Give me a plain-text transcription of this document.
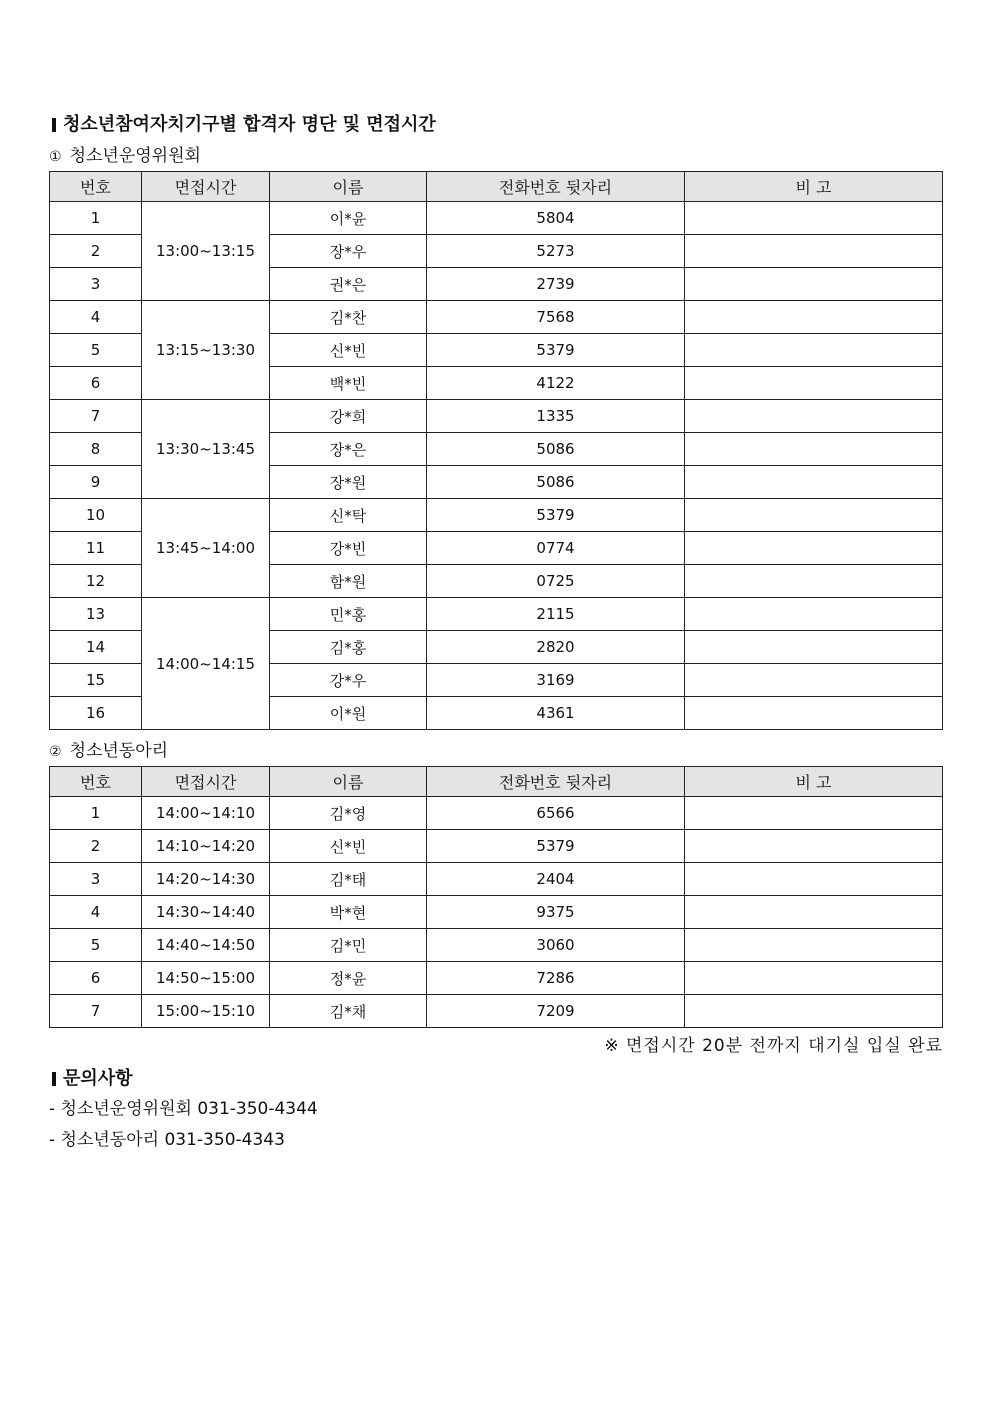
청소년참여자치기구별 합격자 명단 및 면접시간
① 청소년운영위원회
번호	면접시간	이름	전화번호 뒷자리	비 고
1	13:00~13:15	이*윤	5804	
2		장*우	5273	
3		권*은	2739	
4	13:15~13:30	김*찬	7568	
5		신*빈	5379	
6		백*빈	4122	
7	13:30~13:45	강*희	1335	
8		장*은	5086	
9		장*원	5086	
10	13:45~14:00	신*탁	5379	
11		강*빈	0774	
12		함*원	0725	
13	14:00~14:15	민*홍	2115	
14		김*홍	2820	
15		강*우	3169	
16		이*원	4361	
② 청소년동아리
번호	면접시간	이름	전화번호 뒷자리	비 고
1	14:00~14:10	김*영	6566	
2	14:10~14:20	신*빈	5379	
3	14:20~14:30	김*태	2404	
4	14:30~14:40	박*현	9375	
5	14:40~14:50	김*민	3060	
6	14:50~15:00	정*윤	7286	
7	15:00~15:10	김*채	7209	
※ 면접시간 20분 전까지 대기실 입실 완료
문의사항
- 청소년운영위원회 031-350-4344
- 청소년동아리 031-350-4343
